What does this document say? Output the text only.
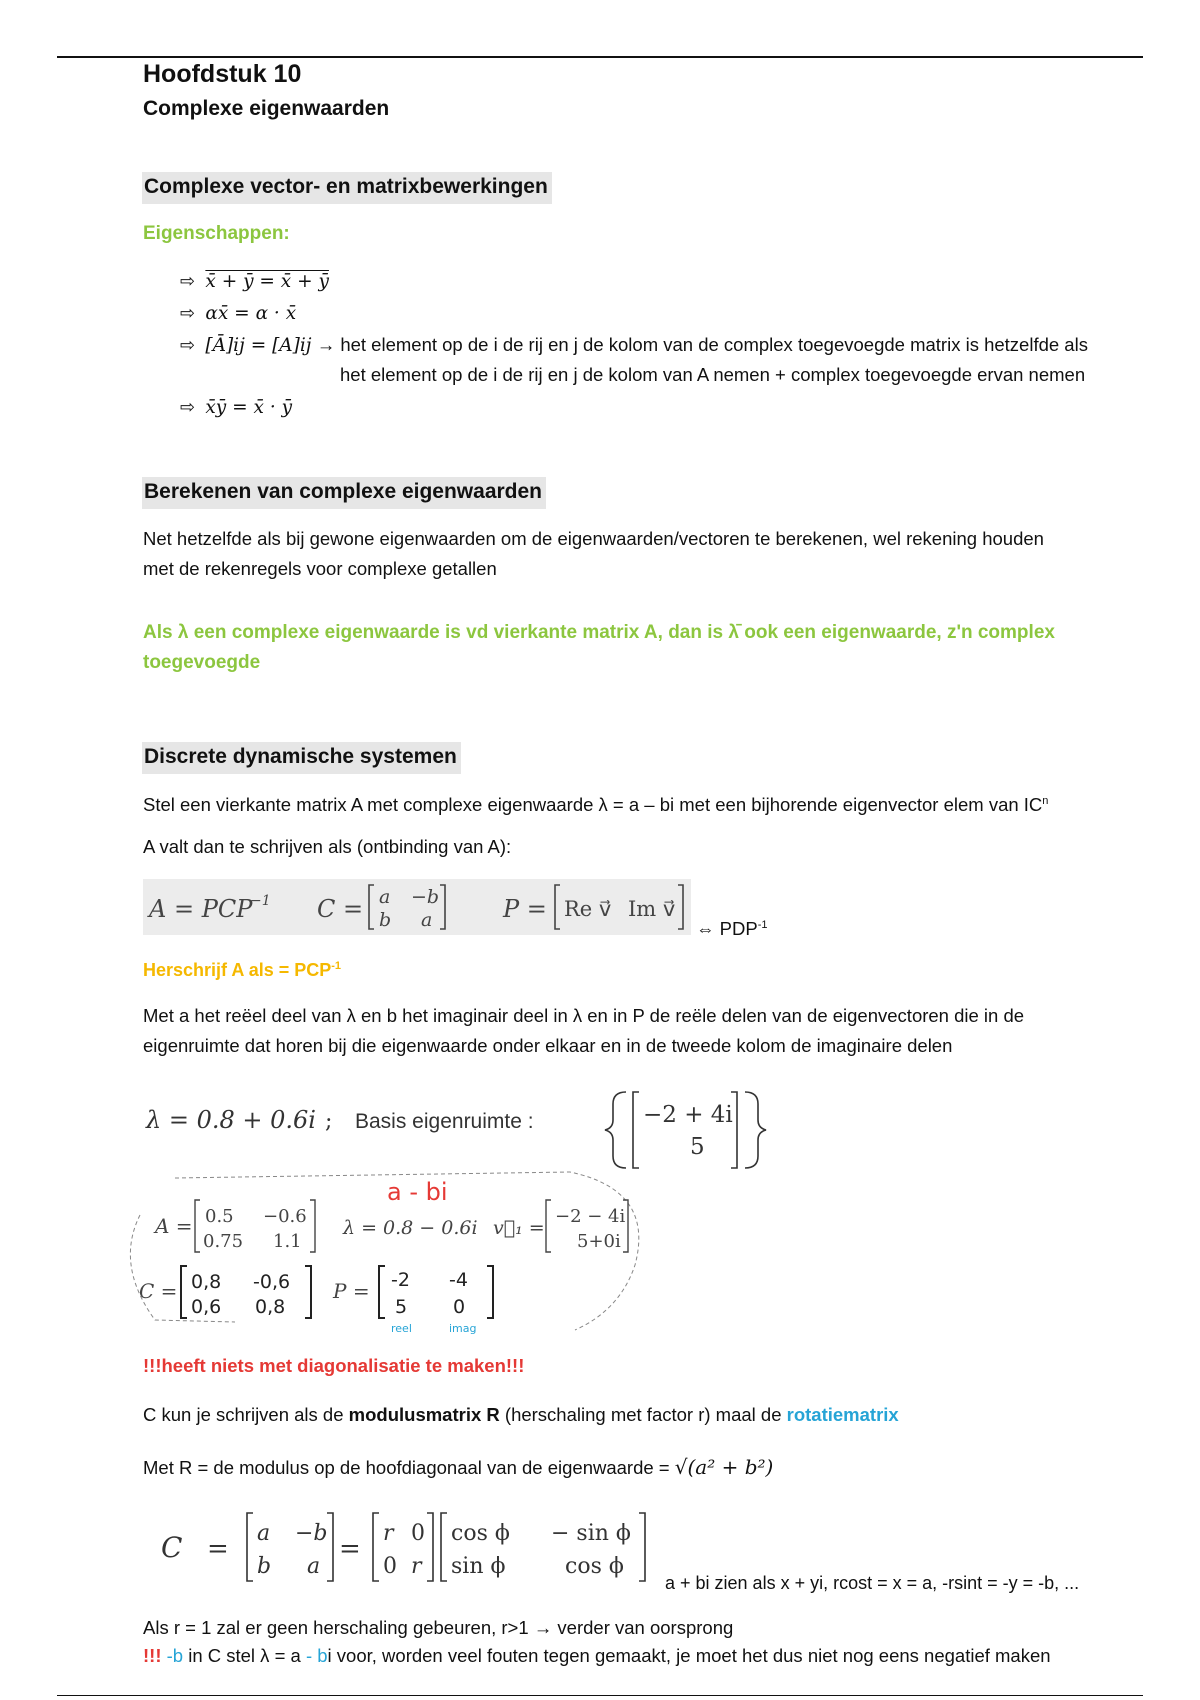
Hoofdstuk 10
Complexe eigenwaarden
Complexe vector- en matrixbewerkingen
Eigenschappen:
⇨ x̄ + ȳ = x̄ + ȳ
⇨ αx̄ = α · x̄
⇨ [Ā]ij = [A]ij → het element op de i de rij en j de kolom van de complex toegevoegde matrix is hetzelfde als
het element op de i de rij en j de kolom van A nemen + complex toegevoegde ervan nemen
⇨ x̄ȳ = x̄ · ȳ
Berekenen van complexe eigenwaarden
Net hetzelfde als bij gewone eigenwaarden om de eigenwaarden/vectoren te berekenen, wel rekening houden
met de rekenregels voor complexe getallen
Als λ een complexe eigenwaarde is vd vierkante matrix A, dan is λ̄ ook een eigenwaarde, z'n complex
toegevoegde
Discrete dynamische systemen
Stel een vierkante matrix A met complexe eigenwaarde λ = a – bi met een bijhorende eigenvector elem van $IC^n$
A valt dan te schrijven als (ontbinding van A):
A = PCP
−1 C = a −b
b a	P = Re v⃗ Im v⃗
⇔ $PDP^{-1}$
Herschrijf A als = $PCP^{-1}$
Met a het reëel deel van λ en b het imaginair deel in λ en in P de reële delen van de eigenvectoren die in de
eigenruimte dat horen bij die eigenwaarde onder elkaar en in de tweede kolom de imaginaire delen
λ = 0.8 + 0.6i ; Basis eigenruimte :	−2 + 4i
5
A = 0.5 −0.6
0.75 1.1
a - bi
λ = 0.8 − 0.6i v⃗₁ =
−2 − 4i
5+0i
C = 0,8 -0,6
0,6 0,8
P = -2 -4
5 0
reel	imag
!!!heeft niets met diagonalisatie te maken!!!
C kun je schrijven als de modulusmatrix R (herschaling met factor r) maal de rotatiematrix
Met R = de modulus op de hoofdiagonaal van de eigenwaarde = √(a² + b²)
C =
a −b
b a
=
r 0
0 r
cos ϕ − sin ϕ
sin ϕ	cos ϕ
a + bi zien als x + yi, rcost = x = a, -rsint = -y = -b, ...
Als r = 1 zal er geen herschaling gebeuren, r>1 → verder van oorsprong
!!! -b in C stel λ = a - bi voor, worden veel fouten tegen gemaakt, je moet het dus niet nog eens negatief maken
